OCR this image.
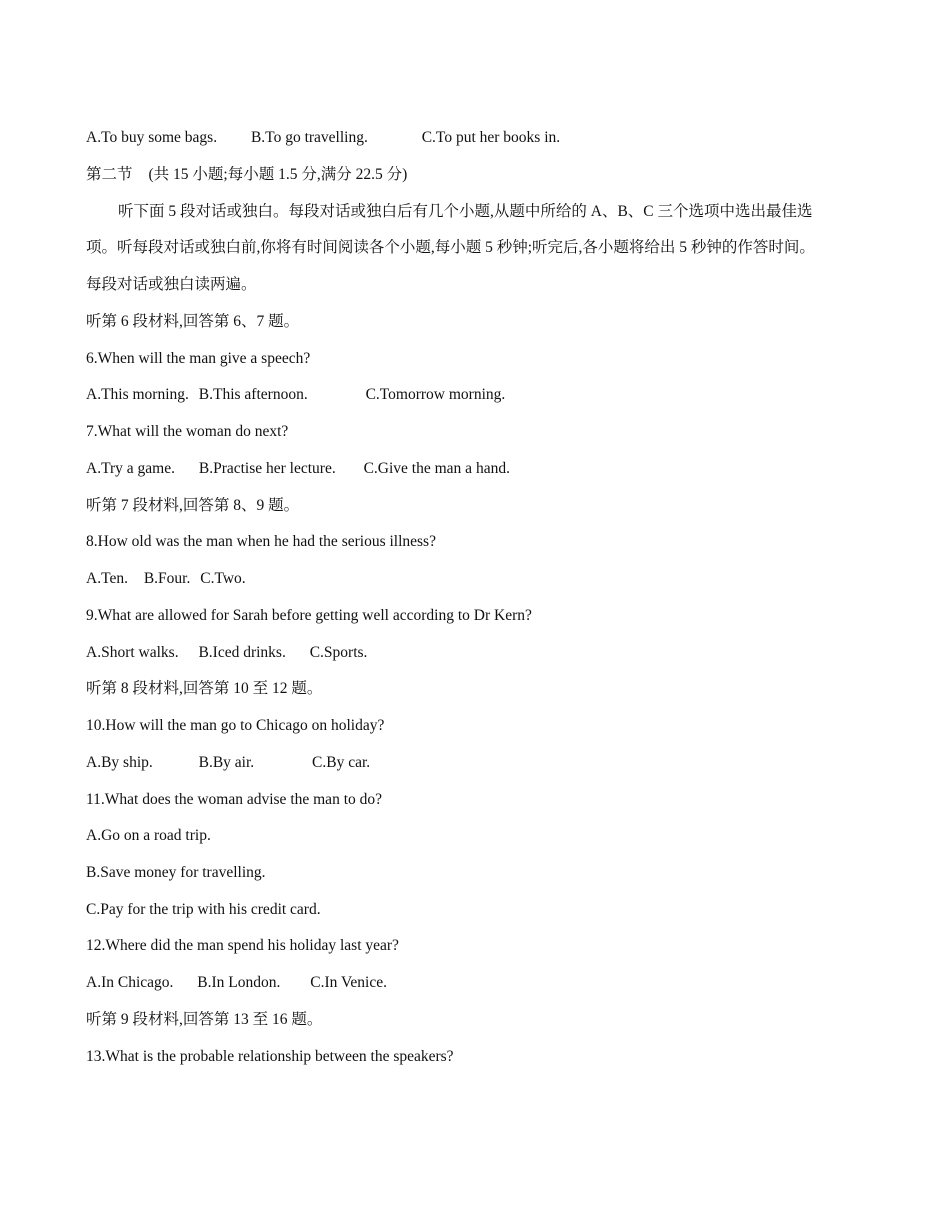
A.To buy some bags. B.To go travelling.	C.To put her books in.
第二节 (共 15 小题;每小题 1.5 分,满分 22.5 分)
听下面 5 段对话或独白。每段对话或独白后有几个小题,从题中所给的 A、B、C 三个选项中选出最佳选
项。听每段对话或独白前,你将有时间阅读各个小题,每小题 5 秒钟;听完后,各小题将给出 5 秒钟的作答时间。
每段对话或独白读两遍。
听第 6 段材料,回答第 6、7 题。
6.When will the man give a speech?
A.This morning. B.This afternoon.	C.Tomorrow morning.
7.What will the woman do next?
A.Try a game. B.Practise her lecture. C.Give the man a hand.
听第 7 段材料,回答第 8、9 题。
8.How old was the man when he had the serious illness?
A.Ten. B.Four. C.Two.
9.What are allowed for Sarah before getting well according to Dr Kern?
A.Short walks. B.Iced drinks. C.Sports.
听第 8 段材料,回答第 10 至 12 题。
10.How will the man go to Chicago on holiday?
A.By ship.	B.By air.	C.By car.
11.What does the woman advise the man to do?
A.Go on a road trip.
B.Save money for travelling.
C.Pay for the trip with his credit card.
12.Where did the man spend his holiday last year?
A.In Chicago. B.In London. C.In Venice.
听第 9 段材料,回答第 13 至 16 题。
13.What is the probable relationship between the speakers?
